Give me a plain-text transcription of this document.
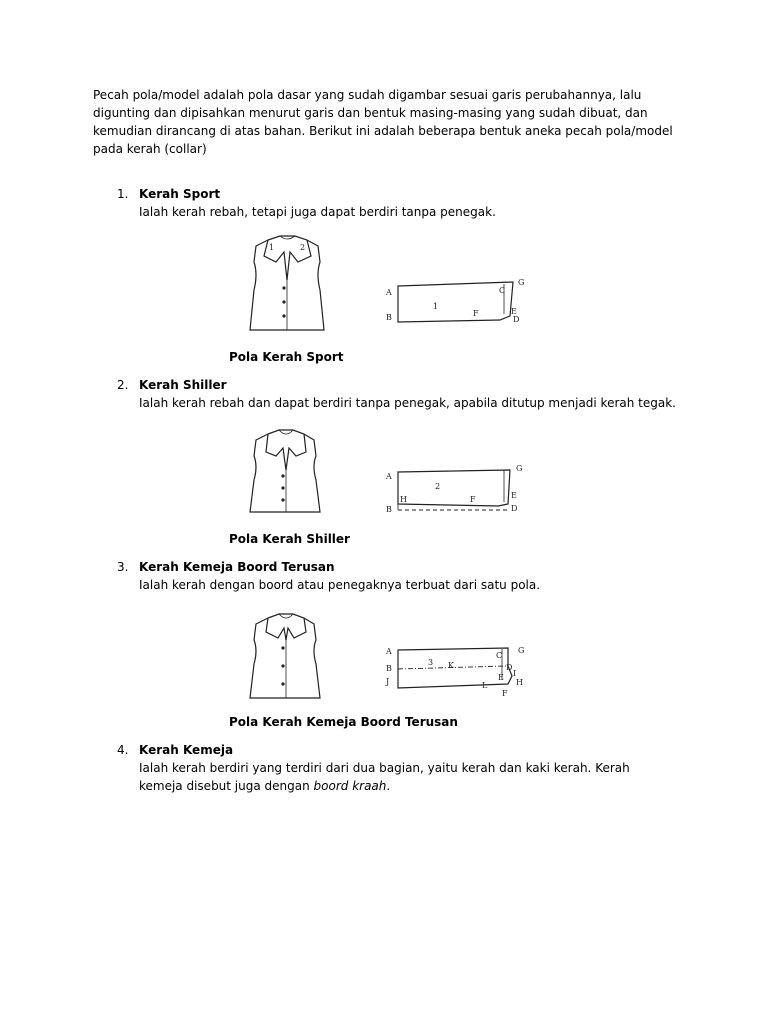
Pecah pola/model adalah pola dasar yang sudah digambar sesuai garis perubahannya, lalu digunting dan dipisahkan menurut garis dan bentuk masing-masing yang sudah dibuat, dan kemudian dirancang di atas bahan. Berikut ini adalah beberapa bentuk aneka pecah pola/model pada kerah (collar)
1. Kerah Sport
Ialah kerah rebah, tetapi juga dapat berdiri tanpa penegak.
1	2
A
B
C
G
D
E
F
1
Pola Kerah Sport
2. Kerah Shiller
Ialah kerah rebah dan dapat berdiri tanpa penegak, apabila ditutup menjadi kerah tegak.
A
B
H
G
E
D
F
2
Pola Kerah Shiller
3. Kerah Kemeja Boord Terusan
Ialah kerah dengan boord atau penegaknya terbuat dari satu pola.
A
B
J
G
C
D
E I
H
F
L
K
3
Pola Kerah Kemeja Boord Terusan
4. Kerah Kemeja
Ialah kerah berdiri yang terdiri dari dua bagian, yaitu kerah dan kaki kerah. Kerah kemeja disebut juga dengan boord kraah.
